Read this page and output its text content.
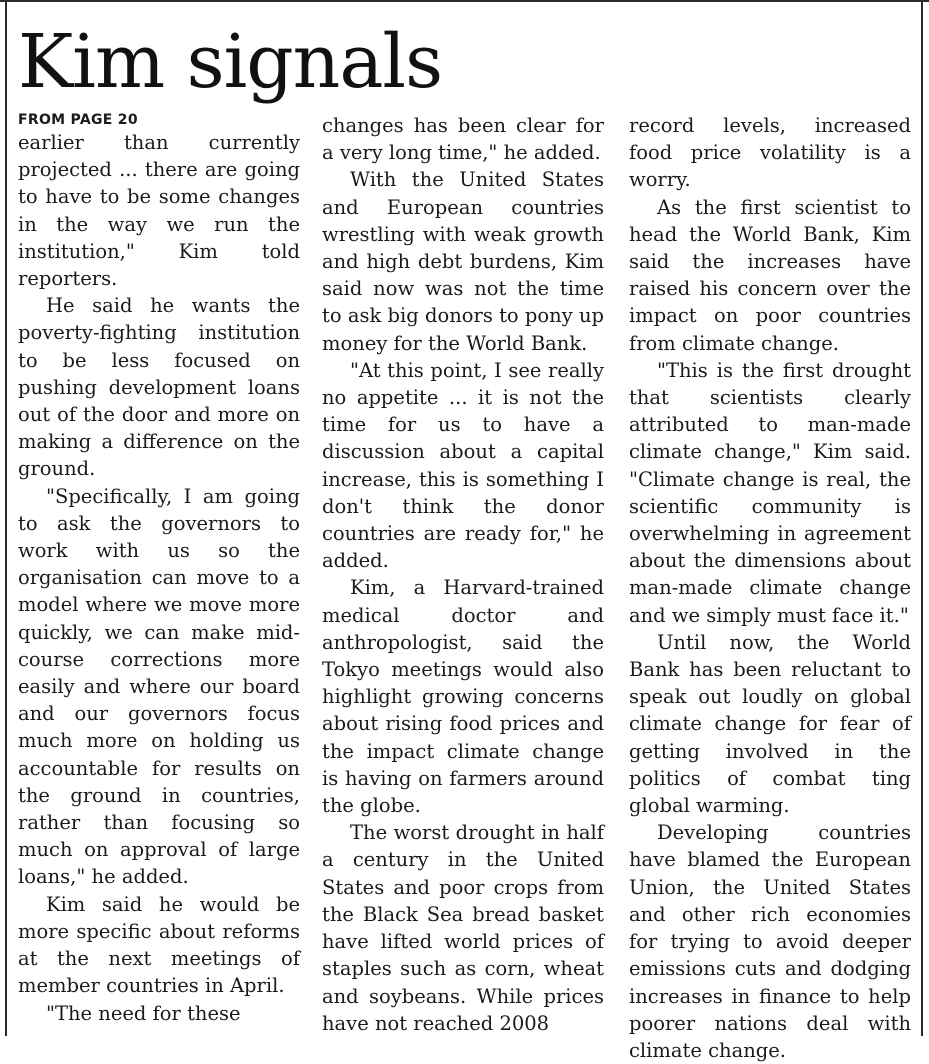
Kim signals
FROM PAGE 20

earlier than currently projected ... there are going to have to be some changes in the way we run the institution," Kim told reporters.

He said he wants the poverty-fighting institution to be less focused on pushing development loans out of the door and more on making a difference on the ground.

"Specifically, I am going to ask the governors to work with us so the organisation can move to a model where we move more quickly, we can make mid-course corrections more easily and where our board and our governors focus much more on holding us accountable for results on the ground in countries, rather than focusing so much on approval of large loans," he added.

Kim said he would be more specific about reforms at the next meetings of member countries in April.

"The need for these

changes has been clear for a very long time," he added.

With the United States and European countries wrestling with weak growth and high debt burdens, Kim said now was not the time to ask big donors to pony up money for the World Bank.

"At this point, I see really no appetite ... it is not the time for us to have a discussion about a capital increase, this is something I don't think the donor countries are ready for," he added.

Kim, a Harvard-trained medical doctor and anthropologist, said the Tokyo meetings would also highlight growing concerns about rising food prices and the impact climate change is having on farmers around the globe.

The worst drought in half a century in the United States and poor crops from the Black Sea bread basket have lifted world prices of staples such as corn, wheat and soybeans. While prices have not reached 2008

record levels, increased food price volatility is a worry.

As the first scientist to head the World Bank, Kim said the increases have raised his concern over the impact on poor countries from climate change.

"This is the first drought that scientists clearly attributed to man-made climate change," Kim said. "Climate change is real, the scientific community is overwhelming in agreement about the dimensions about man-made climate change and we simply must face it."

Until now, the World Bank has been reluctant to speak out loudly on global climate change for fear of getting involved in the politics of combat ting global warming.

Developing countries have blamed the European Union, the United States and other rich economies for trying to avoid deeper emissions cuts and dodging increases in finance to help poorer nations deal with climate change.
